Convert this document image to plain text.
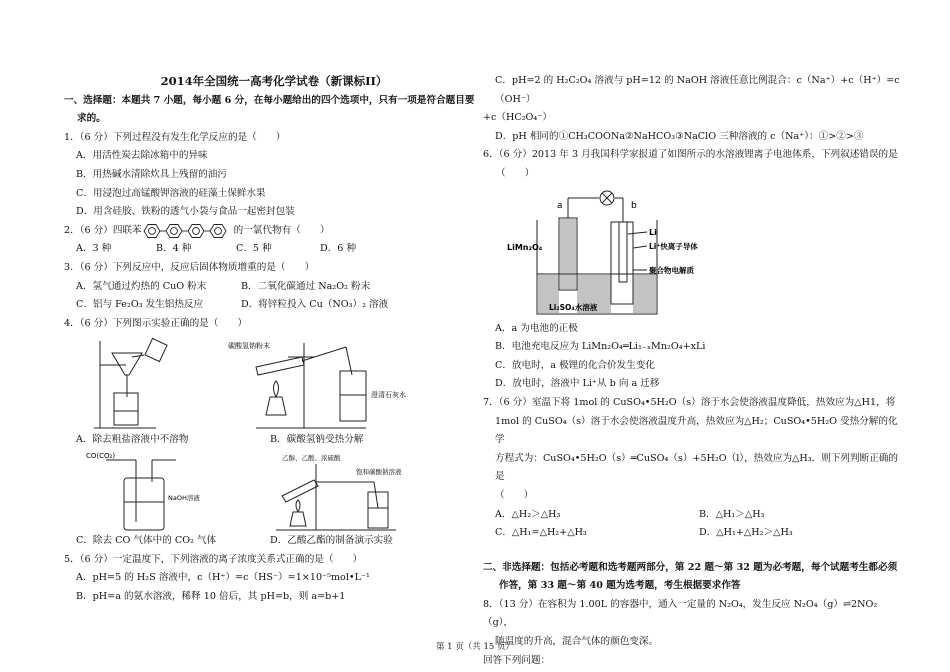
2014年全国统一高考化学试卷（新课标II）
一、选择题：本题共 7 小题，每小题 6 分，在每小题给出的四个选项中，只有一项是符合题目要求的。
1．（6 分）下列过程没有发生化学反应的是（　　）
A．用活性炭去除冰箱中的异味
B．用热碱水清除炊具上残留的油污
C．用浸泡过高锰酸钾溶液的硅藻土保鲜水果
D．用含硅胶、铁粉的透气小袋与食品一起密封包装
2．（6 分）四联苯	的一氯代物有（　　）
A．3 种	B．4 种	C．5 种	D．6 种
3．（6 分）下列反应中，反应后固体物质增重的是（　　）
A．氢气通过灼热的 CuO 粉末	B．二氧化碳通过 Na₂O₂ 粉末
C．铝与 Fe₂O₃ 发生铝热反应	D．将锌粒投入 Cu（NO₃）₂ 溶液
4．（6 分）下列图示实验正确的是（　　）
碳酸氢钠粉末
澄清石灰水
A．除去粗盐溶液中不溶物	B．碳酸氢钠受热分解
CO(CO₂)
NaOH溶液
乙醇、乙酸、浓硫酸
饱和碳酸钠溶液
C．除去 CO 气体中的 CO₂ 气体	D．乙酸乙酯的制备演示实验
5．（6 分）一定温度下，下列溶液的离子浓度关系式正确的是（　　）
A．pH=5 的 H₂S 溶液中，c（H⁺）=c（HS⁻）=1×10⁻⁵mol•L⁻¹
B．pH=a 的氨水溶液，稀释 10 倍后，其 pH=b，则 a=b+1
C．pH=2 的 H₂C₂O₄ 溶液与 pH=12 的 NaOH 溶液任意比例混合：c（Na⁺）+c（H⁺）=c（OH⁻）
+c（HC₂O₄⁻）
D．pH 相同的①CH₃COONa②NaHCO₃③NaClO 三种溶液的 c（Na⁺）：①>②>③
6．（6 分）2013 年 3 月我国科学家报道了如图所示的水溶液锂离子电池体系，下列叙述错误的是（　　）
a	b
LiMn₂O₄
Li
Li⁺快离子导体
聚合物电解质
Li₂SO₄水溶液
A．a 为电池的正极
B．电池充电反应为 LiMn₂O₄═Li₁₋ₓMn₂O₄+xLi
C．放电时，a 极锂的化合价发生变化
D．放电时，溶液中 Li⁺从 b 向 a 迁移
7．（6 分）室温下将 1mol 的 CuSO₄•5H₂O（s）溶于水会使溶液温度降低，热效应为△H1，将
1mol 的 CuSO₄（s）溶于水会使溶液温度升高，热效应为△H₂；CuSO₄•5H₂O 受热分解的化学
方程式为：CuSO₄•5H₂O（s）═CuSO₄（s）+5H₂O（l），热效应为△H₃．则下列判断正确的是
（　　）
A．△H₂＞△H₃	B．△H₁＞△H₃
C．△H₁=△H₂+△H₃	D．△H₁+△H₂＞△H₃
二、非选择题：包括必考题和选考题两部分，第 22 题～第 32 题为必考题，每个试题考生都必须
作答，第 33 题～第 40 题为选考题，考生根据要求作答
8．（13 分）在容积为 1.00L 的容器中，通入一定量的 N₂O₄，发生反应 N₂O₄（g）⇌2NO₂（g），
随温度的升高，混合气体的颜色变深。
回答下列问题：
第 1 页（共 15 页）
